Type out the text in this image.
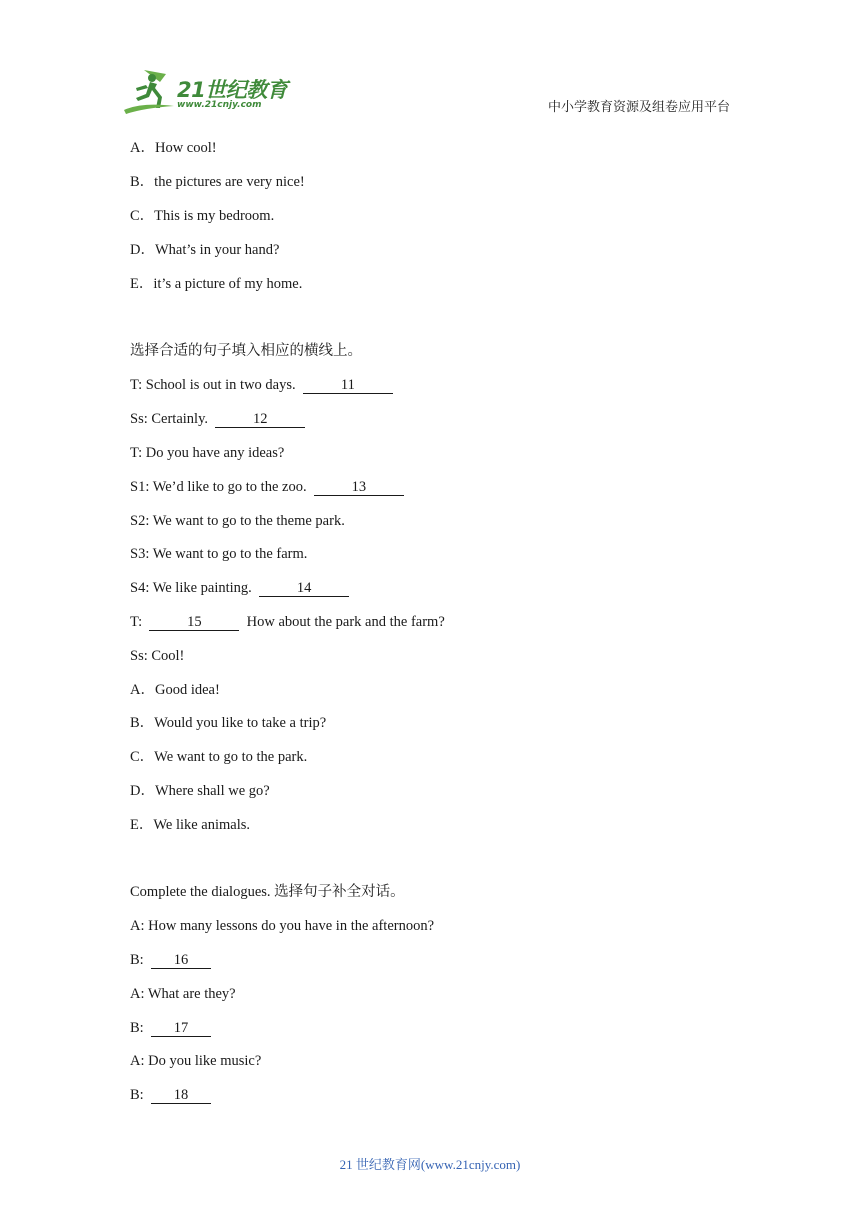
21世纪教育
www.21cnjy.com	中小学教育资源及组卷应用平台
A．How cool!
B．the pictures are very nice!
C．This is my bedroom.
D．What’s in your hand?
E．it’s a picture of my home.
选择合适的句子填入相应的横线上。
T: School is out in two days.	11
Ss: Certainly.	12
T: Do you have any ideas?
S1: We’d like to go to the zoo.	13
S2: We want to go to the theme park.
S3: We want to go to the farm.
S4: We like painting.	14
T:	15	How about the park and the farm?
Ss: Cool!
A．Good idea!
B．Would you like to take a trip?
C．We want to go to the park.
D．Where shall we go?
E．We like animals.
Complete the dialogues. 选择句子补全对话。
A: How many lessons do you have in the afternoon?
B: 16
A: What are they?
B: 17
A: Do you like music?
B: 18
21 世纪教育网(www.21cnjy.com)
